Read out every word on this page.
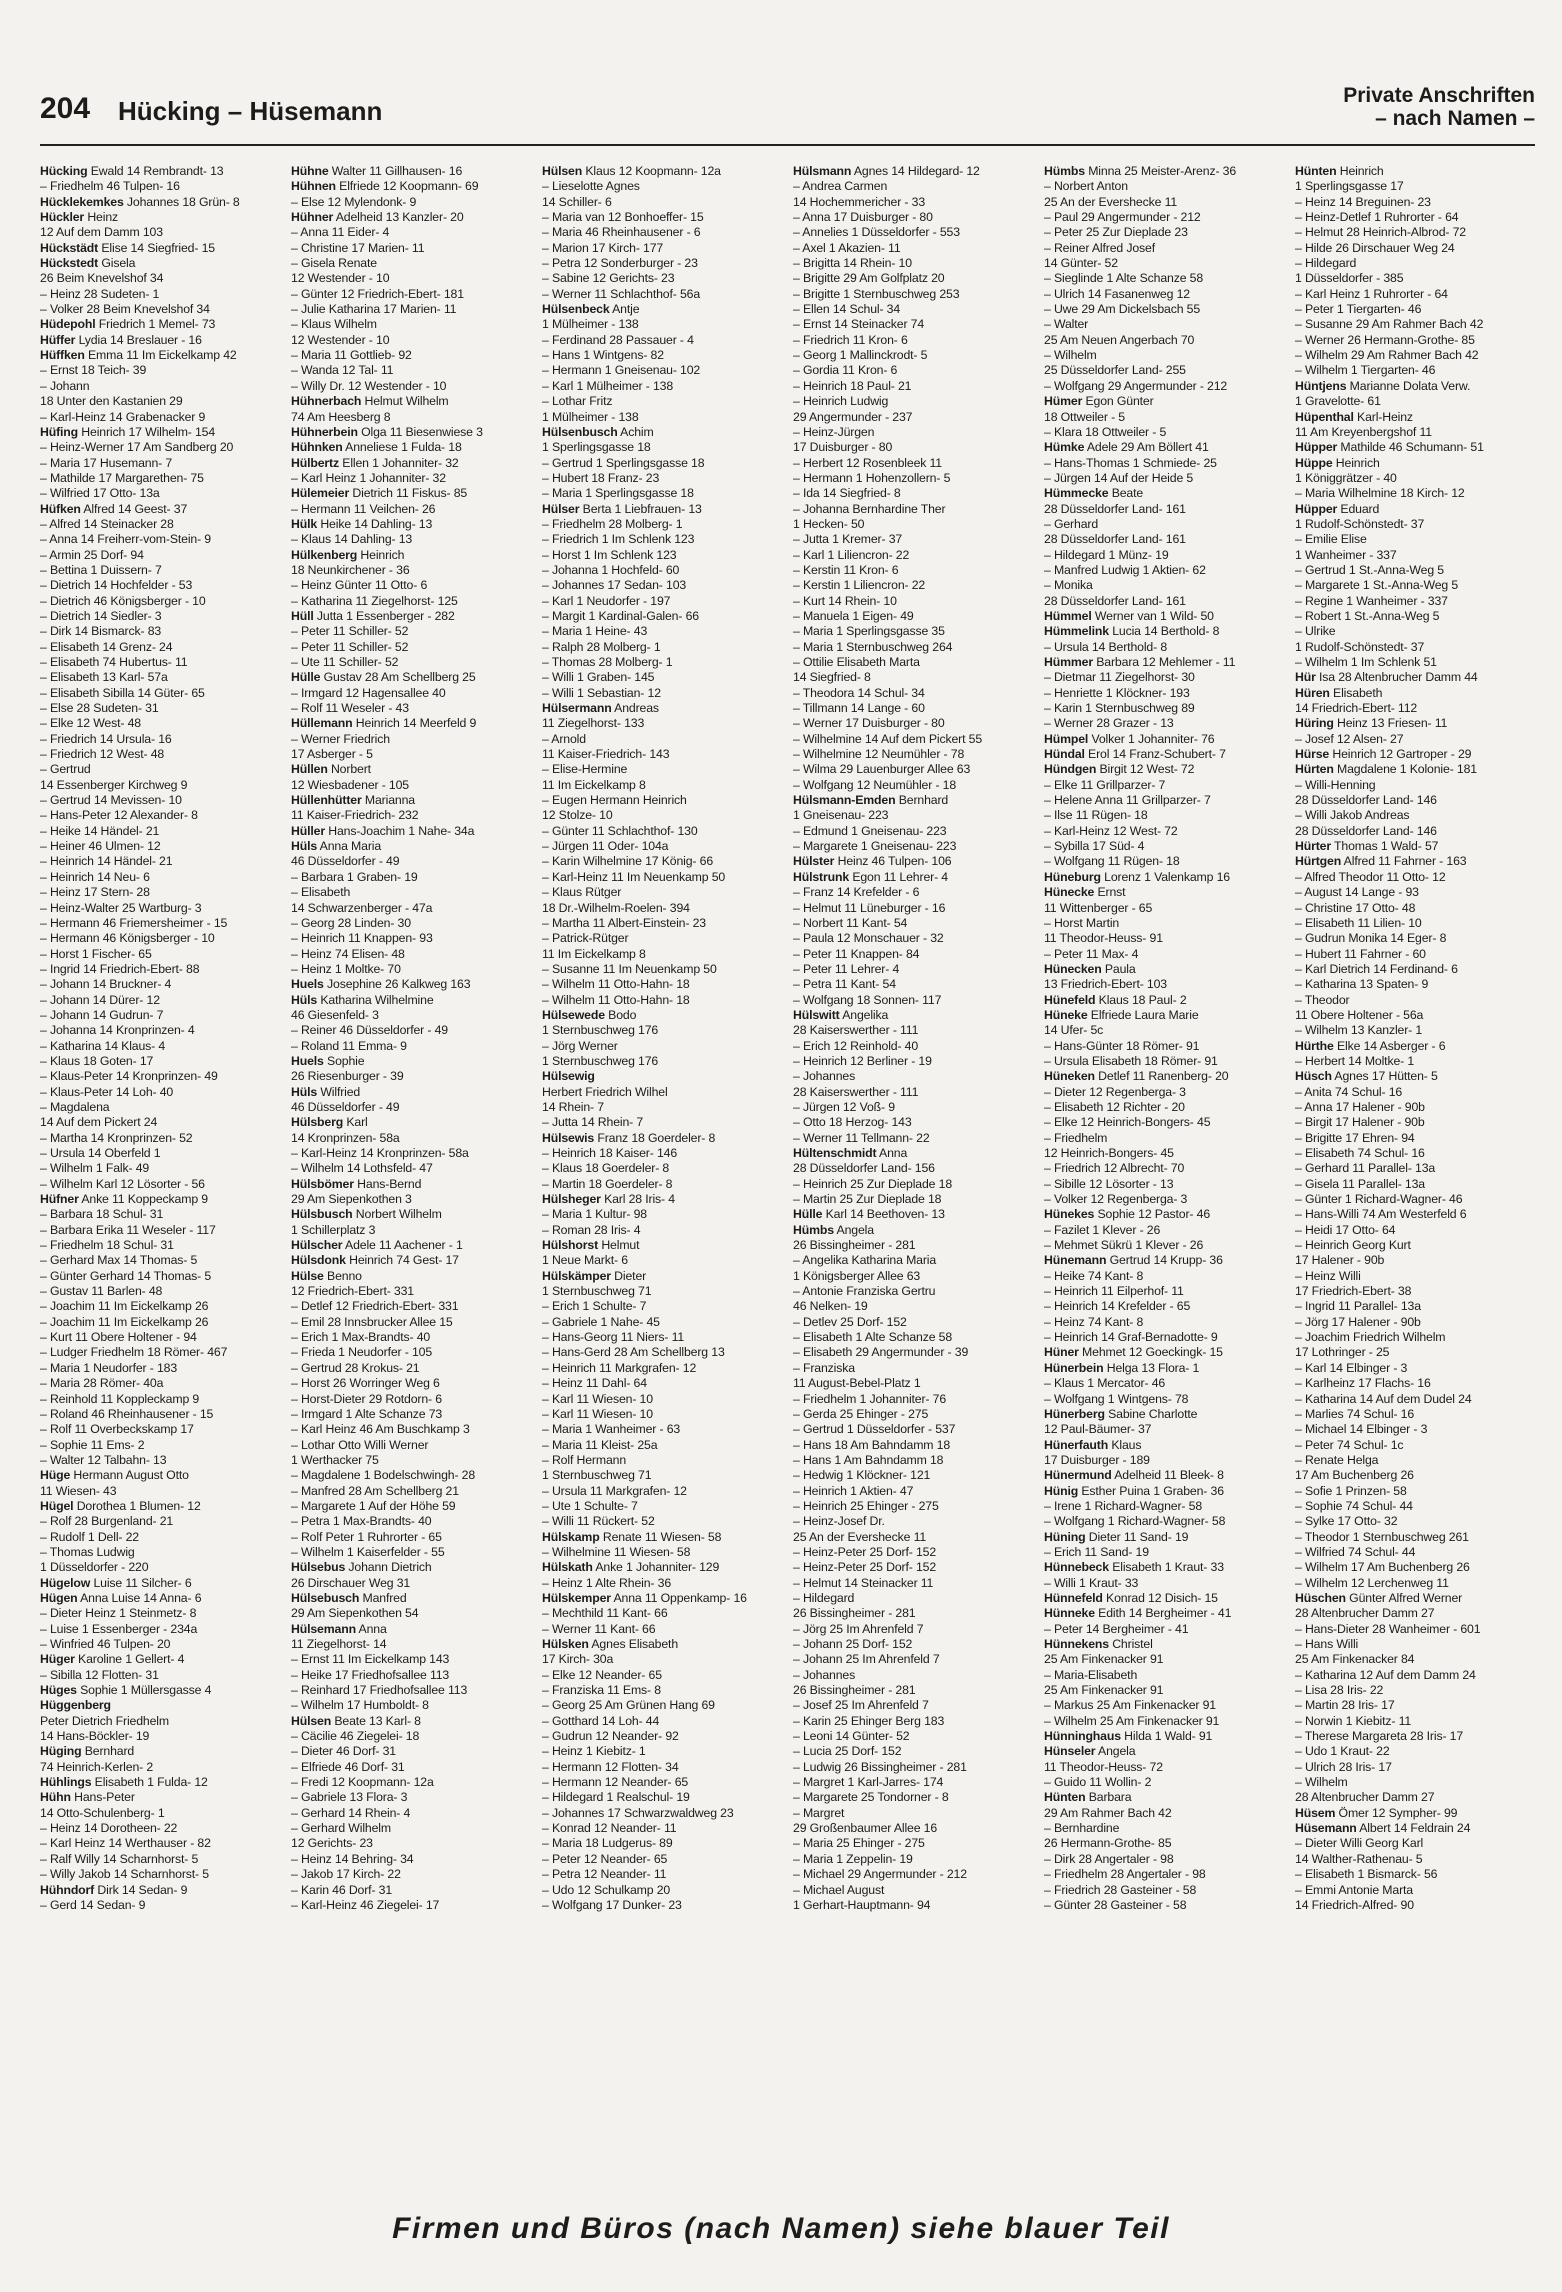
204 Hücking – Hüsemann
Private Anschriften
– nach Namen –
Hücking Ewald 14 Rembrandt- 13
– Friedhelm 46 Tulpen- 16
Hücklekemkes Johannes 18 Grün- 8
Hückler Heinz
12 Auf dem Damm 103
Hückstädt Elise 14 Siegfried- 15
Hückstedt Gisela
26 Beim Knevelshof 34
– Heinz 28 Sudeten- 1
– Volker 28 Beim Knevelshof 34
Hüdepohl Friedrich 1 Memel- 73
Hüffer Lydia 14 Breslauer - 16
Hüffken Emma 11 Im Eickelkamp 42
– Ernst 18 Teich- 39
– Johann
18 Unter den Kastanien 29
– Karl-Heinz 14 Grabenacker 9
Hüfing Heinrich 17 Wilhelm- 154
– Heinz-Werner 17 Am Sandberg 20
– Maria 17 Husemann- 7
– Mathilde 17 Margarethen- 75
– Wilfried 17 Otto- 13a
Hüfken Alfred 14 Geest- 37
– Alfred 14 Steinacker 28
– Anna 14 Freiherr-vom-Stein- 9
– Armin 25 Dorf- 94
– Bettina 1 Duissern- 7
– Dietrich 14 Hochfelder - 53
– Dietrich 46 Königsberger - 10
– Dietrich 14 Siedler- 3
– Dirk 14 Bismarck- 83
– Elisabeth 14 Grenz- 24
– Elisabeth 74 Hubertus- 11
– Elisabeth 13 Karl- 57a
– Elisabeth Sibilla 14 Güter- 65
– Else 28 Sudeten- 31
– Elke 12 West- 48
– Friedrich 14 Ursula- 16
– Friedrich 12 West- 48
– Gertrud
14 Essenberger Kirchweg 9
– Gertrud 14 Mevissen- 10
– Hans-Peter 12 Alexander- 8
– Heike 14 Händel- 21
– Heiner 46 Ulmen- 12
– Heinrich 14 Händel- 21
– Heinrich 14 Neu- 6
– Heinz 17 Stern- 28
– Heinz-Walter 25 Wartburg- 3
– Hermann 46 Friemersheimer - 15
– Hermann 46 Königsberger - 10
– Horst 1 Fischer- 65
– Ingrid 14 Friedrich-Ebert- 88
– Johann 14 Bruckner- 4
– Johann 14 Dürer- 12
– Johann 14 Gudrun- 7
– Johanna 14 Kronprinzen- 4
– Katharina 14 Klaus- 4
– Klaus 18 Goten- 17
– Klaus-Peter 14 Kronprinzen- 49
– Klaus-Peter 14 Loh- 40
– Magdalena
14 Auf dem Pickert 24
– Martha 14 Kronprinzen- 52
– Ursula 14 Oberfeld 1
– Wilhelm 1 Falk- 49
– Wilhelm Karl 12 Lösorter - 56
Hüfner Anke 11 Koppeckamp 9
– Barbara 18 Schul- 31
– Barbara Erika 11 Weseler - 117
– Friedhelm 18 Schul- 31
– Gerhard Max 14 Thomas- 5
– Günter Gerhard 14 Thomas- 5
– Gustav 11 Barlen- 48
– Joachim 11 Im Eickelkamp 26
– Joachim 11 Im Eickelkamp 26
– Kurt 11 Obere Holtener - 94
– Ludger Friedhelm 18 Römer- 467
– Maria 1 Neudorfer - 183
– Maria 28 Römer- 40a
– Reinhold 11 Koppleckamp 9
– Roland 46 Rheinhausener - 15
– Rolf 11 Overbeckskamp 17
– Sophie 11 Ems- 2
– Walter 12 Talbahn- 13
Hüge Hermann August Otto
11 Wiesen- 43
Hügel Dorothea 1 Blumen- 12
– Rolf 28 Burgenland- 21
– Rudolf 1 Dell- 22
– Thomas Ludwig
1 Düsseldorfer - 220
Hügelow Luise 11 Silcher- 6
Hügen Anna Luise 14 Anna- 6
– Dieter Heinz 1 Steinmetz- 8
– Luise 1 Essenberger - 234a
– Winfried 46 Tulpen- 20
Hüger Karoline 1 Gellert- 4
– Sibilla 12 Flotten- 31
Hüges Sophie 1 Müllersgasse 4
Hüggenberg
Peter Dietrich Friedhelm
14 Hans-Böckler- 19
Hüging Bernhard
74 Heinrich-Kerlen- 2
Hühlings Elisabeth 1 Fulda- 12
Hühn Hans-Peter
14 Otto-Schulenberg- 1
– Heinz 14 Dorotheen- 22
– Karl Heinz 14 Werthauser - 82
– Ralf Willy 14 Scharnhorst- 5
– Willy Jakob 14 Scharnhorst- 5
Hühndorf Dirk 14 Sedan- 9
– Gerd 14 Sedan- 9
Hühne Walter 11 Gillhausen- 16
Hühnen Elfriede 12 Koopmann- 69
– Else 12 Mylendonk- 9
Hühner Adelheid 13 Kanzler- 20
– Anna 11 Eider- 4
– Christine 17 Marien- 11
– Gisela Renate
12 Westender - 10
– Günter 12 Friedrich-Ebert- 181
– Julie Katharina 17 Marien- 11
– Klaus Wilhelm
12 Westender - 10
– Maria 11 Gottlieb- 92
– Wanda 12 Tal- 11
– Willy Dr. 12 Westender - 10
Hühnerbach Helmut Wilhelm
74 Am Heesberg 8
Hühnerbein Olga 11 Biesenwiese 3
Hühnken Anneliese 1 Fulda- 18
Hülbertz Ellen 1 Johanniter- 32
– Karl Heinz 1 Johanniter- 32
Hülemeier Dietrich 11 Fiskus- 85
– Hermann 11 Veilchen- 26
Hülk Heike 14 Dahling- 13
– Klaus 14 Dahling- 13
Hülkenberg Heinrich
18 Neunkirchener - 36
– Heinz Günter 11 Otto- 6
– Katharina 11 Ziegelhorst- 125
Hüll Jutta 1 Essenberger - 282
– Peter 11 Schiller- 52
– Peter 11 Schiller- 52
– Ute 11 Schiller- 52
Hülle Gustav 28 Am Schellberg 25
– Irmgard 12 Hagensallee 40
– Rolf 11 Weseler - 43
Hüllemann Heinrich 14 Meerfeld 9
– Werner Friedrich
17 Asberger - 5
Hüllen Norbert
12 Wiesbadener - 105
Hüllenhütter Marianna
11 Kaiser-Friedrich- 232
Hüller Hans-Joachim 1 Nahe- 34a
Hüls Anna Maria
46 Düsseldorfer - 49
– Barbara 1 Graben- 19
– Elisabeth
14 Schwarzenberger - 47a
– Georg 28 Linden- 30
– Heinrich 11 Knappen- 93
– Heinz 74 Elisen- 48
– Heinz 1 Moltke- 70
Huels Josephine 26 Kalkweg 163
Hüls Katharina Wilhelmine
46 Giesenfeld- 3
– Reiner 46 Düsseldorfer - 49
– Roland 11 Emma- 9
Huels Sophie
26 Riesenburger - 39
Hüls Wilfried
46 Düsseldorfer - 49
Hülsberg Karl
14 Kronprinzen- 58a
– Karl-Heinz 14 Kronprinzen- 58a
– Wilhelm 14 Lothsfeld- 47
Hülsbömer Hans-Bernd
29 Am Siepenkothen 3
Hülsbusch Norbert Wilhelm
1 Schillerplatz 3
Hülscher Adele 11 Aachener - 1
Hülsdonk Heinrich 74 Gest- 17
Hülse Benno
12 Friedrich-Ebert- 331
– Detlef 12 Friedrich-Ebert- 331
– Emil 28 Innsbrucker Allee 15
– Erich 1 Max-Brandts- 40
– Frieda 1 Neudorfer - 105
– Gertrud 28 Krokus- 21
– Horst 26 Worringer Weg 6
– Horst-Dieter 29 Rotdorn- 6
– Irmgard 1 Alte Schanze 73
– Karl Heinz 46 Am Buschkamp 3
– Lothar Otto Willi Werner
1 Werthacker 75
– Magdalene 1 Bodelschwingh- 28
– Manfred 28 Am Schellberg 21
– Margarete 1 Auf der Höhe 59
– Petra 1 Max-Brandts- 40
– Rolf Peter 1 Ruhrorter - 65
– Wilhelm 1 Kaiserfelder - 55
Hülsebus Johann Dietrich
26 Dirschauer Weg 31
Hülsebusch Manfred
29 Am Siepenkothen 54
Hülsemann Anna
11 Ziegelhorst- 14
– Ernst 11 Im Eickelkamp 143
– Heike 17 Friedhofsallee 113
– Reinhard 17 Friedhofsallee 113
– Wilhelm 17 Humboldt- 8
Hülsen Beate 13 Karl- 8
– Cäcilie 46 Ziegelei- 18
– Dieter 46 Dorf- 31
– Elfriede 46 Dorf- 31
– Fredi 12 Koopmann- 12a
– Gabriele 13 Flora- 3
– Gerhard 14 Rhein- 4
– Gerhard Wilhelm
12 Gerichts- 23
– Heinz 14 Behring- 34
– Jakob 17 Kirch- 22
– Karin 46 Dorf- 31
– Karl-Heinz 46 Ziegelei- 17
Hülsen Klaus 12 Koopmann- 12a
– Lieselotte Agnes
14 Schiller- 6
– Maria van 12 Bonhoeffer- 15
– Maria 46 Rheinhausener - 6
– Marion 17 Kirch- 177
– Petra 12 Sonderburger - 23
– Sabine 12 Gerichts- 23
– Werner 11 Schlachthof- 56a
Hülsenbeck Antje
1 Mülheimer - 138
– Ferdinand 28 Passauer - 4
– Hans 1 Wintgens- 82
– Hermann 1 Gneisenau- 102
– Karl 1 Mülheimer - 138
– Lothar Fritz
1 Mülheimer - 138
Hülsenbusch Achim
1 Sperlingsgasse 18
– Gertrud 1 Sperlingsgasse 18
– Hubert 18 Franz- 23
– Maria 1 Sperlingsgasse 18
Hülser Berta 1 Liebfrauen- 13
– Friedhelm 28 Molberg- 1
– Friedrich 1 Im Schlenk 123
– Horst 1 Im Schlenk 123
– Johanna 1 Hochfeld- 60
– Johannes 17 Sedan- 103
– Karl 1 Neudorfer - 197
– Margit 1 Kardinal-Galen- 66
– Maria 1 Heine- 43
– Ralph 28 Molberg- 1
– Thomas 28 Molberg- 1
– Willi 1 Graben- 145
– Willi 1 Sebastian- 12
Hülsermann Andreas
11 Ziegelhorst- 133
– Arnold
11 Kaiser-Friedrich- 143
– Elise-Hermine
11 Im Eickelkamp 8
– Eugen Hermann Heinrich
12 Stolze- 10
– Günter 11 Schlachthof- 130
– Jürgen 11 Oder- 104a
– Karin Wilhelmine 17 König- 66
– Karl-Heinz 11 Im Neuenkamp 50
– Klaus Rütger
18 Dr.-Wilhelm-Roelen- 394
– Martha 11 Albert-Einstein- 23
– Patrick-Rütger
11 Im Eickelkamp 8
– Susanne 11 Im Neuenkamp 50
– Wilhelm 11 Otto-Hahn- 18
– Wilhelm 11 Otto-Hahn- 18
Hülsewede Bodo
1 Sternbuschweg 176
– Jörg Werner
1 Sternbuschweg 176
Hülsewig
Herbert Friedrich Wilhel
14 Rhein- 7
– Jutta 14 Rhein- 7
Hülsewis Franz 18 Goerdeler- 8
– Heinrich 18 Kaiser- 146
– Klaus 18 Goerdeler- 8
– Martin 18 Goerdeler- 8
Hülsheger Karl 28 Iris- 4
– Maria 1 Kultur- 98
– Roman 28 Iris- 4
Hülshorst Helmut
1 Neue Markt- 6
Hülskämper Dieter
1 Sternbuschweg 71
– Erich 1 Schulte- 7
– Gabriele 1 Nahe- 45
– Hans-Georg 11 Niers- 11
– Hans-Gerd 28 Am Schellberg 13
– Heinrich 11 Markgrafen- 12
– Heinz 11 Dahl- 64
– Karl 11 Wiesen- 10
– Karl 11 Wiesen- 10
– Maria 1 Wanheimer - 63
– Maria 11 Kleist- 25a
– Rolf Hermann
1 Sternbuschweg 71
– Ursula 11 Markgrafen- 12
– Ute 1 Schulte- 7
– Willi 11 Rückert- 52
Hülskamp Renate 11 Wiesen- 58
– Wilhelmine 11 Wiesen- 58
Hülskath Anke 1 Johanniter- 129
– Heinz 1 Alte Rhein- 36
Hülskemper Anna 11 Oppenkamp- 16
– Mechthild 11 Kant- 66
– Werner 11 Kant- 66
Hülsken Agnes Elisabeth
17 Kirch- 30a
– Elke 12 Neander- 65
– Franziska 11 Ems- 8
– Georg 25 Am Grünen Hang 69
– Gotthard 14 Loh- 44
– Gudrun 12 Neander- 92
– Heinz 1 Kiebitz- 1
– Hermann 12 Flotten- 34
– Hermann 12 Neander- 65
– Hildegard 1 Realschul- 19
– Johannes 17 Schwarzwaldweg 23
– Konrad 12 Neander- 11
– Maria 18 Ludgerus- 89
– Peter 12 Neander- 65
– Petra 12 Neander- 11
– Udo 12 Schulkamp 20
– Wolfgang 17 Dunker- 23
Hülsmann Agnes 14 Hildegard- 12
– Andrea Carmen
14 Hochemmericher - 33
– Anna 17 Duisburger - 80
– Annelies 1 Düsseldorfer - 553
– Axel 1 Akazien- 11
– Brigitta 14 Rhein- 10
– Brigitte 29 Am Golfplatz 20
– Brigitte 1 Sternbuschweg 253
– Ellen 14 Schul- 34
– Ernst 14 Steinacker 74
– Friedrich 11 Kron- 6
– Georg 1 Mallinckrodt- 5
– Gordia 11 Kron- 6
– Heinrich 18 Paul- 21
– Heinrich Ludwig
29 Angermunder - 237
– Heinz-Jürgen
17 Duisburger - 80
– Herbert 12 Rosenbleek 11
– Hermann 1 Hohenzollern- 5
– Ida 14 Siegfried- 8
– Johanna Bernhardine Ther
1 Hecken- 50
– Jutta 1 Kremer- 37
– Karl 1 Liliencron- 22
– Kerstin 11 Kron- 6
– Kerstin 1 Liliencron- 22
– Kurt 14 Rhein- 10
– Manuela 1 Eigen- 49
– Maria 1 Sperlingsgasse 35
– Maria 1 Sternbuschweg 264
– Ottilie Elisabeth Marta
14 Siegfried- 8
– Theodora 14 Schul- 34
– Tillmann 14 Lange - 60
– Werner 17 Duisburger - 80
– Wilhelmine 14 Auf dem Pickert 55
– Wilhelmine 12 Neumühler - 78
– Wilma 29 Lauenburger Allee 63
– Wolfgang 12 Neumühler - 18
Hülsmann-Emden Bernhard
1 Gneisenau- 223
– Edmund 1 Gneisenau- 223
– Margarete 1 Gneisenau- 223
Hülster Heinz 46 Tulpen- 106
Hülstrunk Egon 11 Lehrer- 4
– Franz 14 Krefelder - 6
– Helmut 11 Lüneburger - 16
– Norbert 11 Kant- 54
– Paula 12 Monschauer - 32
– Peter 11 Knappen- 84
– Peter 11 Lehrer- 4
– Petra 11 Kant- 54
– Wolfgang 18 Sonnen- 117
Hülswitt Angelika
28 Kaiserswerther - 111
– Erich 12 Reinhold- 40
– Heinrich 12 Berliner - 19
– Johannes
28 Kaiserswerther - 111
– Jürgen 12 Voß- 9
– Otto 18 Herzog- 143
– Werner 11 Tellmann- 22
Hültenschmidt Anna
28 Düsseldorfer Land- 156
– Heinrich 25 Zur Dieplade 18
– Martin 25 Zur Dieplade 18
Hülle Karl 14 Beethoven- 13
Hümbs Angela
26 Bissingheimer - 281
– Angelika Katharina Maria
1 Königsberger Allee 63
– Antonie Franziska Gertru
46 Nelken- 19
– Detlev 25 Dorf- 152
– Elisabeth 1 Alte Schanze 58
– Elisabeth 29 Angermunder - 39
– Franziska
11 August-Bebel-Platz 1
– Friedhelm 1 Johanniter- 76
– Gerda 25 Ehinger - 275
– Gertrud 1 Düsseldorfer - 537
– Hans 18 Am Bahndamm 18
– Hans 1 Am Bahndamm 18
– Hedwig 1 Klöckner- 121
– Heinrich 1 Aktien- 47
– Heinrich 25 Ehinger - 275
– Heinz-Josef Dr.
25 An der Evershecke 11
– Heinz-Peter 25 Dorf- 152
– Heinz-Peter 25 Dorf- 152
– Helmut 14 Steinacker 11
– Hildegard
26 Bissingheimer - 281
– Jörg 25 Im Ahrenfeld 7
– Johann 25 Dorf- 152
– Johann 25 Im Ahrenfeld 7
– Johannes
26 Bissingheimer - 281
– Josef 25 Im Ahrenfeld 7
– Karin 25 Ehinger Berg 183
– Leoni 14 Günter- 52
– Lucia 25 Dorf- 152
– Ludwig 26 Bissingheimer - 281
– Margret 1 Karl-Jarres- 174
– Margarete 25 Tondorner - 8
– Margret
29 Großenbaumer Allee 16
– Maria 25 Ehinger - 275
– Maria 1 Zeppelin- 19
– Michael 29 Angermunder - 212
– Michael August
1 Gerhart-Hauptmann- 94
Hümbs Minna 25 Meister-Arenz- 36
– Norbert Anton
25 An der Evershecke 11
– Paul 29 Angermunder - 212
– Peter 25 Zur Dieplade 23
– Reiner Alfred Josef
14 Günter- 52
– Sieglinde 1 Alte Schanze 58
– Ulrich 14 Fasanenweg 12
– Uwe 29 Am Dickelsbach 55
– Walter
25 Am Neuen Angerbach 70
– Wilhelm
25 Düsseldorfer Land- 255
– Wolfgang 29 Angermunder - 212
Hümer Egon Günter
18 Ottweiler - 5
– Klara 18 Ottweiler - 5
Hümke Adele 29 Am Böllert 41
– Hans-Thomas 1 Schmiede- 25
– Jürgen 14 Auf der Heide 5
Hümmecke Beate
28 Düsseldorfer Land- 161
– Gerhard
28 Düsseldorfer Land- 161
– Hildegard 1 Münz- 19
– Manfred Ludwig 1 Aktien- 62
– Monika
28 Düsseldorfer Land- 161
Hümmel Werner van 1 Wild- 50
Hümmelink Lucia 14 Berthold- 8
– Ursula 14 Berthold- 8
Hümmer Barbara 12 Mehlemer - 11
– Dietmar 11 Ziegelhorst- 30
– Henriette 1 Klöckner- 193
– Karin 1 Sternbuschweg 89
– Werner 28 Grazer - 13
Hümpel Volker 1 Johanniter- 76
Hündal Erol 14 Franz-Schubert- 7
Hündgen Birgit 12 West- 72
– Elke 11 Grillparzer- 7
– Helene Anna 11 Grillparzer- 7
– Ilse 11 Rügen- 18
– Karl-Heinz 12 West- 72
– Sybilla 17 Süd- 4
– Wolfgang 11 Rügen- 18
Hüneburg Lorenz 1 Valenkamp 16
Hünecke Ernst
11 Wittenberger - 65
– Horst Martin
11 Theodor-Heuss- 91
– Peter 11 Max- 4
Hünecken Paula
13 Friedrich-Ebert- 103
Hünefeld Klaus 18 Paul- 2
Hüneke Elfriede Laura Marie
14 Ufer- 5c
– Hans-Günter 18 Römer- 91
– Ursula Elisabeth 18 Römer- 91
Hüneken Detlef 11 Ranenberg- 20
– Dieter 12 Regenberga- 3
– Elisabeth 12 Richter - 20
– Elke 12 Heinrich-Bongers- 45
– Friedhelm
12 Heinrich-Bongers- 45
– Friedrich 12 Albrecht- 70
– Sibille 12 Lösorter - 13
– Volker 12 Regenberga- 3
Hünekes Sophie 12 Pastor- 46
– Fazilet 1 Klever - 26
– Mehmet Sükrü 1 Klever - 26
Hünemann Gertrud 14 Krupp- 36
– Heike 74 Kant- 8
– Heinrich 11 Eilperhof- 11
– Heinrich 14 Krefelder - 65
– Heinz 74 Kant- 8
– Heinrich 14 Graf-Bernadotte- 9
Hüner Mehmet 12 Goeckingk- 15
Hünerbein Helga 13 Flora- 1
– Klaus 1 Mercator- 46
– Wolfgang 1 Wintgens- 78
Hünerberg Sabine Charlotte
12 Paul-Bäumer- 37
Hünerfauth Klaus
17 Duisburger - 189
Hünermund Adelheid 11 Bleek- 8
Hünig Esther Puina 1 Graben- 36
– Irene 1 Richard-Wagner- 58
– Wolfgang 1 Richard-Wagner- 58
Hüning Dieter 11 Sand- 19
– Erich 11 Sand- 19
Hünnebeck Elisabeth 1 Kraut- 33
– Willi 1 Kraut- 33
Hünnefeld Konrad 12 Disich- 15
Hünneke Edith 14 Bergheimer - 41
– Peter 14 Bergheimer - 41
Hünnekens Christel
25 Am Finkenacker 91
– Maria-Elisabeth
25 Am Finkenacker 91
– Markus 25 Am Finkenacker 91
– Wilhelm 25 Am Finkenacker 91
Hünninghaus Hilda 1 Wald- 91
Hünseler Angela
11 Theodor-Heuss- 72
– Guido 11 Wollin- 2
Hünten Barbara
29 Am Rahmer Bach 42
– Bernhardine
26 Hermann-Grothe- 85
– Dirk 28 Angertaler - 98
– Friedhelm 28 Angertaler - 98
– Friedrich 28 Gasteiner - 58
– Günter 28 Gasteiner - 58
Hünten Heinrich
1 Sperlingsgasse 17
– Heinz 14 Breguinen- 23
– Heinz-Detlef 1 Ruhrorter - 64
– Helmut 28 Heinrich-Albrod- 72
– Hilde 26 Dirschauer Weg 24
– Hildegard
1 Düsseldorfer - 385
– Karl Heinz 1 Ruhrorter - 64
– Peter 1 Tiergarten- 46
– Susanne 29 Am Rahmer Bach 42
– Werner 26 Hermann-Grothe- 85
– Wilhelm 29 Am Rahmer Bach 42
– Wilhelm 1 Tiergarten- 46
Hüntjens Marianne Dolata Verw.
1 Gravelotte- 61
Hüpenthal Karl-Heinz
11 Am Kreyenbergshof 11
Hüpper Mathilde 46 Schumann- 51
Hüppe Heinrich
1 Königgrätzer - 40
– Maria Wilhelmine 18 Kirch- 12
Hüpper Eduard
1 Rudolf-Schönstedt- 37
– Emilie Elise
1 Wanheimer - 337
– Gertrud 1 St.-Anna-Weg 5
– Margarete 1 St.-Anna-Weg 5
– Regine 1 Wanheimer - 337
– Robert 1 St.-Anna-Weg 5
– Ulrike
1 Rudolf-Schönstedt- 37
– Wilhelm 1 Im Schlenk 51
Hür Isa 28 Altenbrucher Damm 44
Hüren Elisabeth
14 Friedrich-Ebert- 112
Hüring Heinz 13 Friesen- 11
– Josef 12 Alsen- 27
Hürse Heinrich 12 Gartroper - 29
Hürten Magdalene 1 Kolonie- 181
– Willi-Henning
28 Düsseldorfer Land- 146
– Willi Jakob Andreas
28 Düsseldorfer Land- 146
Hürter Thomas 1 Wald- 57
Hürtgen Alfred 11 Fahrner - 163
– Alfred Theodor 11 Otto- 12
– August 14 Lange - 93
– Christine 17 Otto- 48
– Elisabeth 11 Lilien- 10
– Gudrun Monika 14 Eger- 8
– Hubert 11 Fahrner - 60
– Karl Dietrich 14 Ferdinand- 6
– Katharina 13 Spaten- 9
– Theodor
11 Obere Holtener - 56a
– Wilhelm 13 Kanzler- 1
Hürthe Elke 14 Asberger - 6
– Herbert 14 Moltke- 1
Hüsch Agnes 17 Hütten- 5
– Anita 74 Schul- 16
– Anna 17 Halener - 90b
– Birgit 17 Halener - 90b
– Brigitte 17 Ehren- 94
– Elisabeth 74 Schul- 16
– Gerhard 11 Parallel- 13a
– Gisela 11 Parallel- 13a
– Günter 1 Richard-Wagner- 46
– Hans-Willi 74 Am Westerfeld 6
– Heidi 17 Otto- 64
– Heinrich Georg Kurt
17 Halener - 90b
– Heinz Willi
17 Friedrich-Ebert- 38
– Ingrid 11 Parallel- 13a
– Jörg 17 Halener - 90b
– Joachim Friedrich Wilhelm
17 Lothringer - 25
– Karl 14 Elbinger - 3
– Karlheinz 17 Flachs- 16
– Katharina 14 Auf dem Dudel 24
– Marlies 74 Schul- 16
– Michael 14 Elbinger - 3
– Peter 74 Schul- 1c
– Renate Helga
17 Am Buchenberg 26
– Sofie 1 Prinzen- 58
– Sophie 74 Schul- 44
– Sylke 17 Otto- 32
– Theodor 1 Sternbuschweg 261
– Wilfried 74 Schul- 44
– Wilhelm 17 Am Buchenberg 26
– Wilhelm 12 Lerchenweg 11
Hüschen Günter Alfred Werner
28 Altenbrucher Damm 27
– Hans-Dieter 28 Wanheimer - 601
– Hans Willi
25 Am Finkenacker 84
– Katharina 12 Auf dem Damm 24
– Lisa 28 Iris- 22
– Martin 28 Iris- 17
– Norwin 1 Kiebitz- 11
– Therese Margareta 28 Iris- 17
– Udo 1 Kraut- 22
– Ulrich 28 Iris- 17
– Wilhelm
28 Altenbrucher Damm 27
Hüsem Ömer 12 Sympher- 99
Hüsemann Albert 14 Feldrain 24
– Dieter Willi Georg Karl
14 Walther-Rathenau- 5
– Elisabeth 1 Bismarck- 56
– Emmi Antonie Marta
14 Friedrich-Alfred- 90
Firmen und Büros (nach Namen) siehe blauer Teil
